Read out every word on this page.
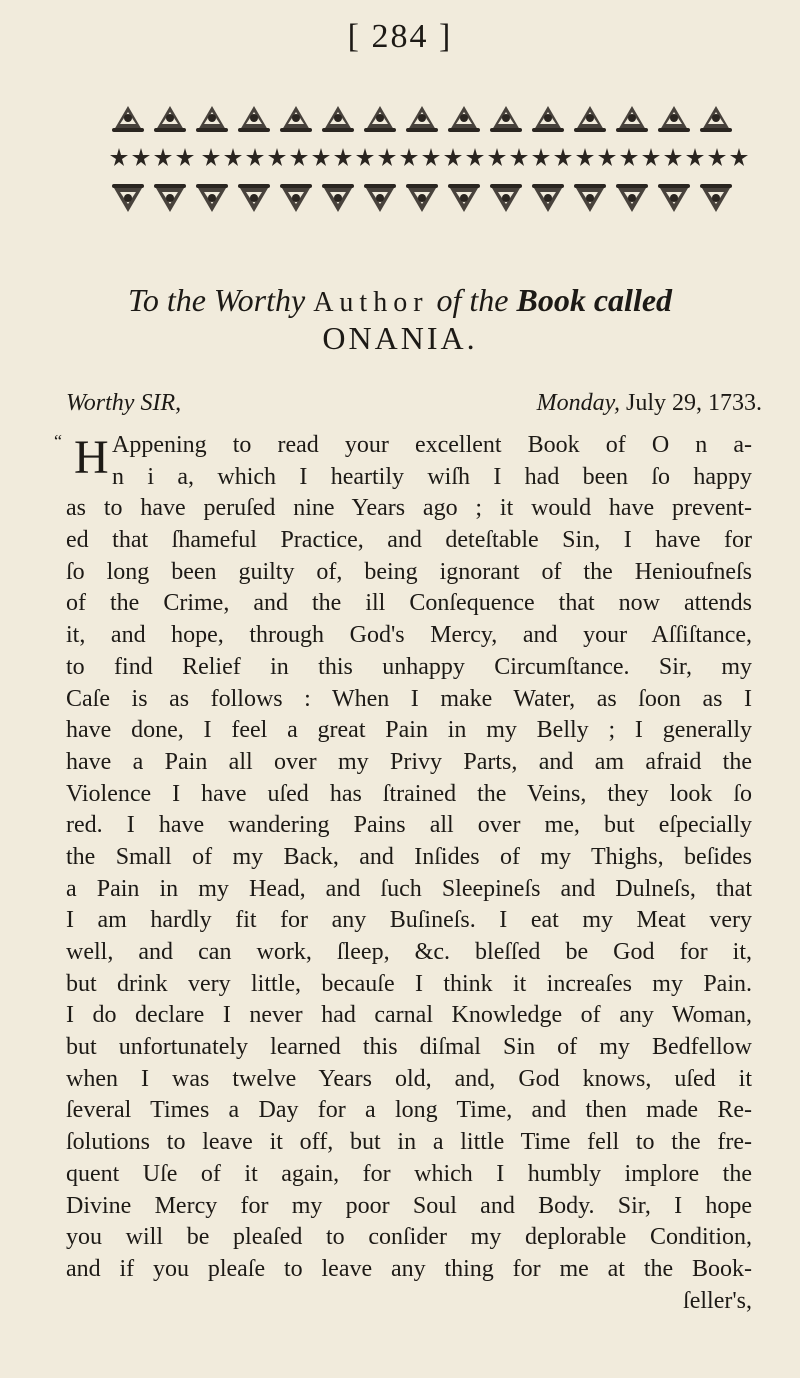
[ 284 ]
To the Worthy Author of the Book called
ONANIA.
Worthy SIR,	Monday, July 29, 1733.
“ H Appening to read your excellent Book of O n a-
n i a, which I heartily wiſh I had been ſo happy
as to have peruſed nine Years ago ; it would have prevent-
ed that ſhameful Practice, and deteſtable Sin, I have for
ſo long been guilty of, being ignorant of the Henioufneſs
of the Crime, and the ill Conſequence that now attends
it, and hope, through God's Mercy, and your Aſſiſtance,
to find Relief in this unhappy Circumſtance. Sir, my
Caſe is as follows : When I make Water, as ſoon as I
have done, I feel a great Pain in my Belly ; I generally
have a Pain all over my Privy Parts, and am afraid the
Violence I have uſed has ſtrained the Veins, they look ſo
red. I have wandering Pains all over me, but eſpecially
the Small of my Back, and Inſides of my Thighs, beſides
a Pain in my Head, and ſuch Sleepineſs and Dulneſs, that
I am hardly fit for any Buſineſs. I eat my Meat very
well, and can work, ſleep, &c. bleſſed be God for it,
but drink very little, becauſe I think it increaſes my Pain.
I do declare I never had carnal Knowledge of any Woman,
but unfortunately learned this diſmal Sin of my Bedfellow
when I was twelve Years old, and, God knows, uſed it
ſeveral Times a Day for a long Time, and then made Re-
ſolutions to leave it off, but in a little Time fell to the fre-
quent Uſe of it again, for which I humbly implore the
Divine Mercy for my poor Soul and Body. Sir, I hope
you will be pleaſed to conſider my deplorable Condition,
and if you pleaſe to leave any thing for me at the Book-
ſeller's,
